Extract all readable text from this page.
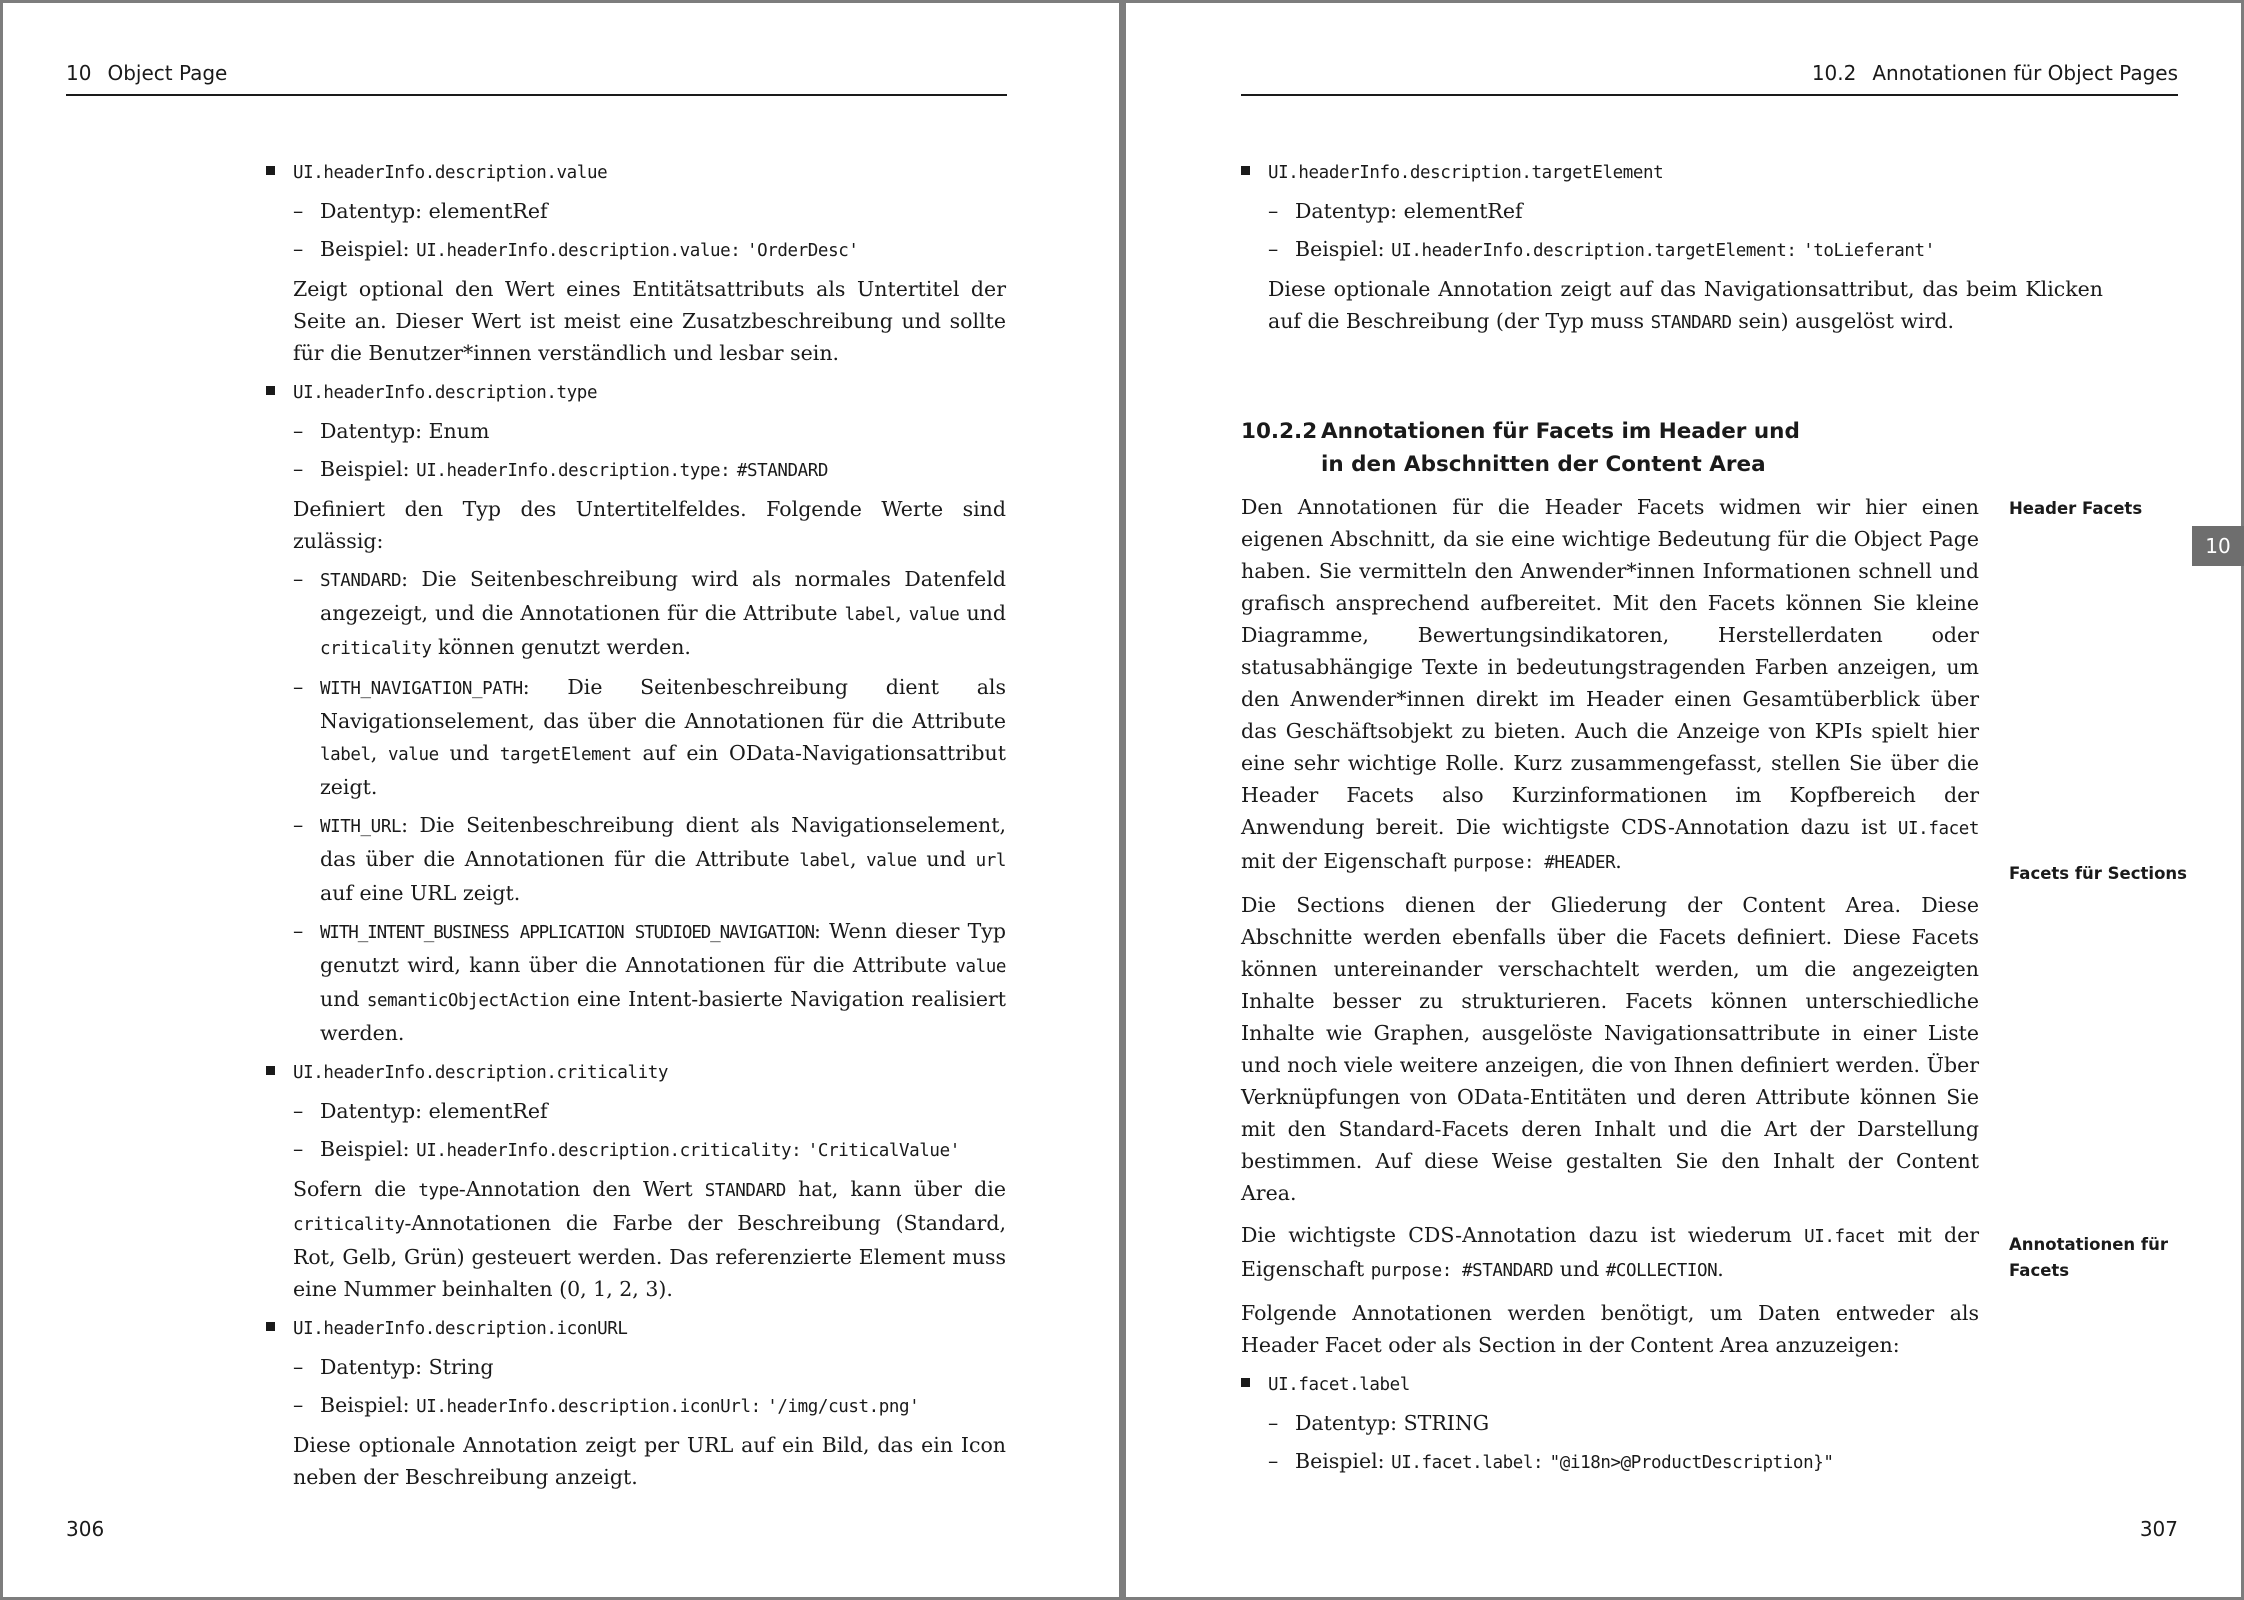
10 Object Page
UI.headerInfo.description.value
– Datentyp: elementRef
– Beispiel: UI.headerInfo.description.value: 'OrderDesc'
Zeigt optional den Wert eines Entitätsattributs als Untertitel der Seite an. Dieser Wert ist meist eine Zusatzbeschreibung und sollte für die Benutzer*innen verständlich und lesbar sein.
UI.headerInfo.description.type
– Datentyp: Enum
– Beispiel: UI.headerInfo.description.type: #STANDARD
Definiert den Typ des Untertitelfeldes. Folgende Werte sind zulässig:
– STANDARD: Die Seitenbeschreibung wird als normales Datenfeld angezeigt, und die Annotationen für die Attribute label, value und criticality können genutzt werden.
– WITH_NAVIGATION_PATH: Die Seitenbeschreibung dient als Navigationselement, das über die Annotationen für die Attribute label, value und targetElement auf ein OData-Navigationsattribut zeigt.
– WITH_URL: Die Seitenbeschreibung dient als Navigationselement, das über die Annotationen für die Attribute label, value und url auf eine URL zeigt.
– WITH_INTENT_BUSINESS APPLICATION STUDIOED_NAVIGATION: Wenn dieser Typ genutzt wird, kann über die Annotationen für die Attribute value und semanticObjectAction eine Intent-basierte Navigation realisiert werden.
UI.headerInfo.description.criticality
– Datentyp: elementRef
– Beispiel: UI.headerInfo.description.criticality: 'CriticalValue'
Sofern die type-Annotation den Wert STANDARD hat, kann über die criticality-Annotationen die Farbe der Beschreibung (Standard, Rot, Gelb, Grün) gesteuert werden. Das referenzierte Element muss eine Nummer beinhalten (0, 1, 2, 3).
UI.headerInfo.description.iconURL
– Datentyp: String
– Beispiel: UI.headerInfo.description.iconUrl: '/img/cust.png'
Diese optionale Annotation zeigt per URL auf ein Bild, das ein Icon neben der Beschreibung anzeigt.
306
10.2 Annotationen für Object Pages
UI.headerInfo.description.targetElement
– Datentyp: elementRef
– Beispiel: UI.headerInfo.description.targetElement: 'toLieferant'
Diese optionale Annotation zeigt auf das Navigationsattribut, das beim Klicken auf die Beschreibung (der Typ muss STANDARD sein) ausgelöst wird.
10.2.2 Annotationen für Facets im Header und in den Abschnitten der Content Area
Den Annotationen für die Header Facets widmen wir hier einen eigenen Abschnitt, da sie eine wichtige Bedeutung für die Object Page haben. Sie vermitteln den Anwender*innen Informationen schnell und grafisch ansprechend aufbereitet. Mit den Facets können Sie kleine Diagramme, Bewertungsindikatoren, Herstellerdaten oder statusabhängige Texte in bedeutungstragenden Farben anzeigen, um den Anwender*innen direkt im Header einen Gesamtüberblick über das Geschäftsobjekt zu bieten. Auch die Anzeige von KPIs spielt hier eine sehr wichtige Rolle. Kurz zusammengefasst, stellen Sie über die Header Facets also Kurzinformationen im Kopfbereich der Anwendung bereit. Die wichtigste CDS-Annotation dazu ist UI.facet mit der Eigenschaft purpose: #HEADER.
Die Sections dienen der Gliederung der Content Area. Diese Abschnitte werden ebenfalls über die Facets definiert. Diese Facets können untereinander verschachtelt werden, um die angezeigten Inhalte besser zu strukturieren. Facets können unterschiedliche Inhalte wie Graphen, ausgelöste Navigationsattribute in einer Liste und noch viele weitere anzeigen, die von Ihnen definiert werden. Über Verknüpfungen von OData-Entitäten und deren Attribute können Sie mit den Standard-Facets deren Inhalt und die Art der Darstellung bestimmen. Auf diese Weise gestalten Sie den Inhalt der Content Area.
Die wichtigste CDS-Annotation dazu ist wiederum UI.facet mit der Eigenschaft purpose: #STANDARD und #COLLECTION.
Folgende Annotationen werden benötigt, um Daten entweder als Header Facet oder als Section in der Content Area anzuzeigen:
UI.facet.label
– Datentyp: STRING
– Beispiel: UI.facet.label: "@i18n>@ProductDescription}"
Header Facets
Facets für Sections
Annotationen für Facets
307
10
